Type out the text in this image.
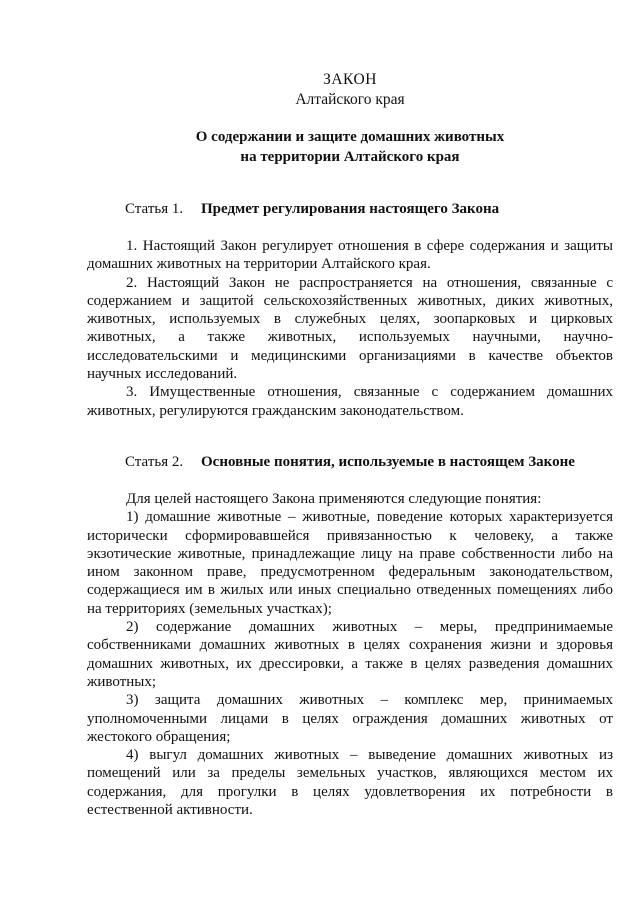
ЗАКОН
Алтайского края
О содержании и защите домашних животных
на территории Алтайского края
Статья 1. Предмет регулирования настоящего Закона

1. Настоящий Закон регулирует отношения в сфере содержания и защиты домашних животных на территории Алтайского края.

2. Настоящий Закон не распространяется на отношения, связанные с содержанием и защитой сельскохозяйственных животных, диких животных, животных, используемых в служебных целях, зоопарковых и цирковых животных, а также животных, используемых научными, научно-исследовательскими и медицинскими организациями в качестве объектов научных исследований.

3. Имущественные отношения, связанные с содержанием домашних животных, регулируются гражданским законодательством.

Статья 2. Основные понятия, используемые в настоящем Законе

Для целей настоящего Закона применяются следующие понятия:

1) домашние животные – животные, поведение которых характеризуется исторически сформировавшейся привязанностью к человеку, а также экзотические животные, принадлежащие лицу на праве собственности либо на ином законном праве, предусмотренном федеральным законодательством, содержащиеся им в жилых или иных специально отведенных помещениях либо на территориях (земельных участках);

2) содержание домашних животных – меры, предпринимаемые собственниками домашних животных в целях сохранения жизни и здоровья домашних животных, их дрессировки, а также в целях разведения домашних животных;

3) защита домашних животных – комплекс мер, принимаемых уполномоченными лицами в целях ограждения домашних животных от жестокого обращения;

4) выгул домашних животных – выведение домашних животных из помещений или за пределы земельных участков, являющихся местом их содержания, для прогулки в целях удовлетворения их потребности в естественной активности.
